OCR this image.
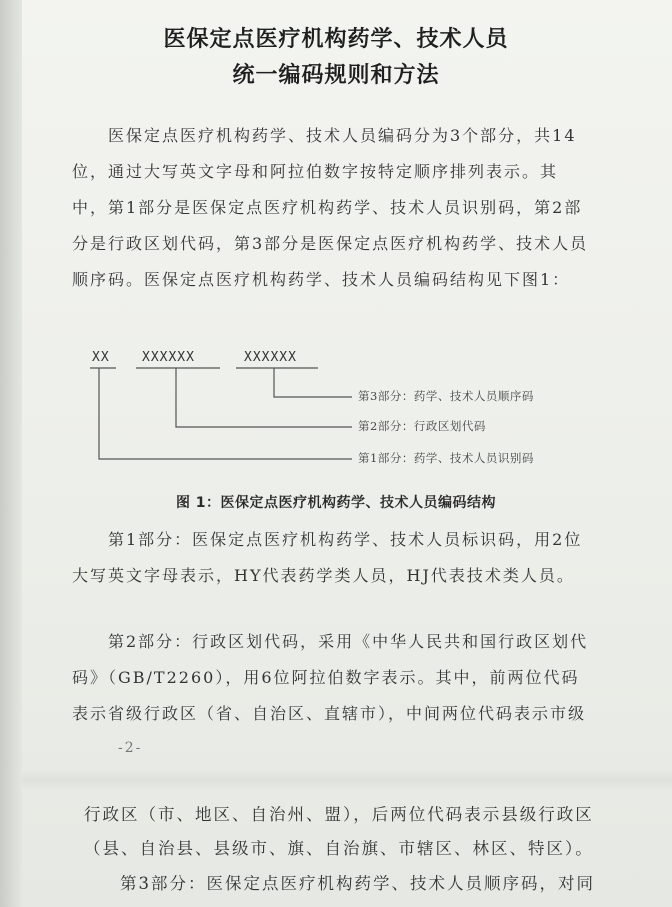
医保定点医疗机构药学、技术人员
统一编码规则和方法
医保定点医疗机构药学、技术人员编码分为3个部分，共14位，通过大写英文字母和阿拉伯数字按特定顺序排列表示。其中，第1部分是医保定点医疗机构药学、技术人员识别码，第2部分是行政区划代码，第3部分是医保定点医疗机构药学、技术人员顺序码。医保定点医疗机构药学、技术人员编码结构见下图1：
XX XXXXXX	XXXXXX
第3部分：药学、技术人员顺序码
第2部分：行政区划代码
第1部分：药学、技术人员识别码
图 1：医保定点医疗机构药学、技术人员编码结构
第1部分：医保定点医疗机构药学、技术人员标识码，用2位大写英文字母表示，HY代表药学类人员，HJ代表技术类人员。
第2部分：行政区划代码，采用《中华人民共和国行政区划代码》（GB/T2260），用6位阿拉伯数字表示。其中，前两位代码表示省级行政区（省、自治区、直辖市），中间两位代码表示市级
-2-
行政区（市、地区、自治州、盟），后两位代码表示县级行政区（县、自治县、县级市、旗、自治旗、市辖区、林区、特区）。
第3部分：医保定点医疗机构药学、技术人员顺序码，对同
